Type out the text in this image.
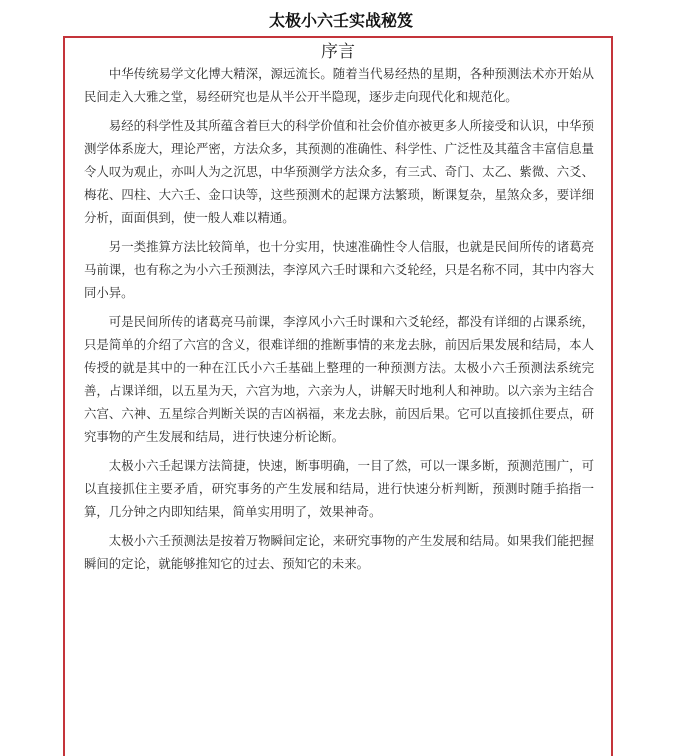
太极小六壬实战秘笈
序言

中华传统易学文化博大精深，源远流长。随着当代易经热的星期，各种预测法术亦开始从民间走入大雅之堂，易经研究也是从半公开半隐现，逐步走向现代化和规范化。

易经的科学性及其所蕴含着巨大的科学价值和社会价值亦被更多人所接受和认识，中华预测学体系庞大，理论严密，方法众多，其预测的准确性、科学性、广泛性及其蕴含丰富信息量令人叹为观止，亦叫人为之沉思，中华预测学方法众多，有三式、奇门、太乙、紫微、六爻、梅花、四柱、大六壬、金口诀等，这些预测术的起课方法繁琐，断课复杂，星煞众多，要详细分析，面面俱到，使一般人难以精通。

另一类推算方法比较简单，也十分实用，快速准确性令人信服，也就是民间所传的诸葛亮马前课，也有称之为小六壬预测法，李淳风六壬时课和六爻轮经，只是名称不同，其中内容大同小异。

可是民间所传的诸葛亮马前课，李淳风小六壬时课和六爻轮经，都没有详细的占课系统，只是简单的介绍了六宫的含义，很难详细的推断事情的来龙去脉，前因后果发展和结局，本人传授的就是其中的一种在江氏小六壬基础上整理的一种预测方法。太极小六壬预测法系统完善，占课详细，以五星为天，六宫为地，六亲为人，讲解天时地利人和神助。以六亲为主结合六宫、六神、五星综合判断关误的吉凶祸福，来龙去脉，前因后果。它可以直接抓住要点，研究事物的产生发展和结局，进行快速分析论断。

太极小六壬起课方法简捷，快速，断事明确，一目了然，可以一课多断，预测范围广，可以直接抓住主要矛盾，研究事务的产生发展和结局，进行快速分析判断，预测时随手掐指一算，几分钟之内即知结果，简单实用明了，效果神奇。

太极小六壬预测法是按着万物瞬间定论，来研究事物的产生发展和结局。如果我们能把握瞬间的定论，就能够推知它的过去、预知它的未来。
